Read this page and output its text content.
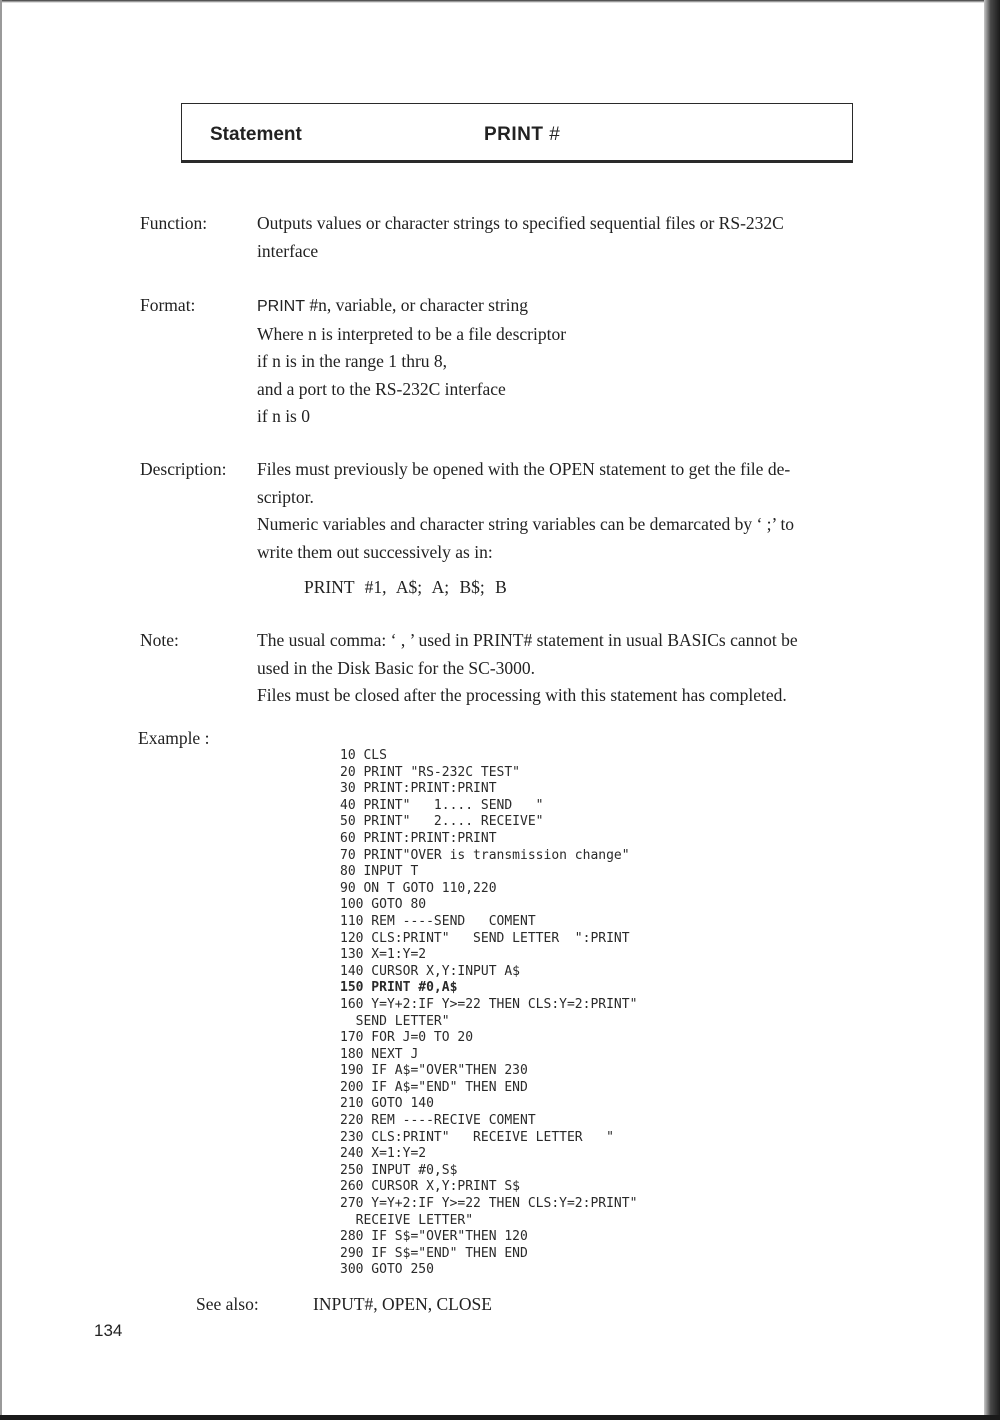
Statement	PRINT #
Function:	Outputs values or character strings to specified sequential files or RS-232C
interface
Format:	PRINT #n, variable, or character string
Where n is interpreted to be a file descriptor
if n is in the range 1 thru 8,
and a port to the RS-232C interface
if n is 0
Description: Files must previously be opened with the OPEN statement to get the file de-
scriptor.
Numeric variables and character string variables can be demarcated by ‘ ;’ to
write them out successively as in:
PRINT #1, A$; A; B$; B
Note:	The usual comma: ‘ , ’ used in PRINT# statement in usual BASICs cannot be
used in the Disk Basic for the SC-3000.
Files must be closed after the processing with this statement has completed.
Example :
10 CLS
20 PRINT "RS-232C TEST"
30 PRINT:PRINT:PRINT
40 PRINT"   1.... SEND   "
50 PRINT"   2.... RECEIVE"
60 PRINT:PRINT:PRINT
70 PRINT"OVER is transmission change"
80 INPUT T
90 ON T GOTO 110,220
100 GOTO 80
110 REM ----SEND   COMENT
120 CLS:PRINT"   SEND LETTER  ":PRINT
130 X=1:Y=2
140 CURSOR X,Y:INPUT A$
150 PRINT #0,A$
160 Y=Y+2:IF Y>=22 THEN CLS:Y=2:PRINT"
SEND LETTER"
170 FOR J=0 TO 20
180 NEXT J
190 IF A$="OVER"THEN 230
200 IF A$="END" THEN END
210 GOTO 140
220 REM ----RECIVE COMENT
230 CLS:PRINT"   RECEIVE LETTER   "
240 X=1:Y=2
250 INPUT #0,S$
260 CURSOR X,Y:PRINT S$
270 Y=Y+2:IF Y>=22 THEN CLS:Y=2:PRINT"
RECEIVE LETTER"
280 IF S$="OVER"THEN 120
290 IF S$="END" THEN END
300 GOTO 250
See also:	INPUT#, OPEN, CLOSE
134
